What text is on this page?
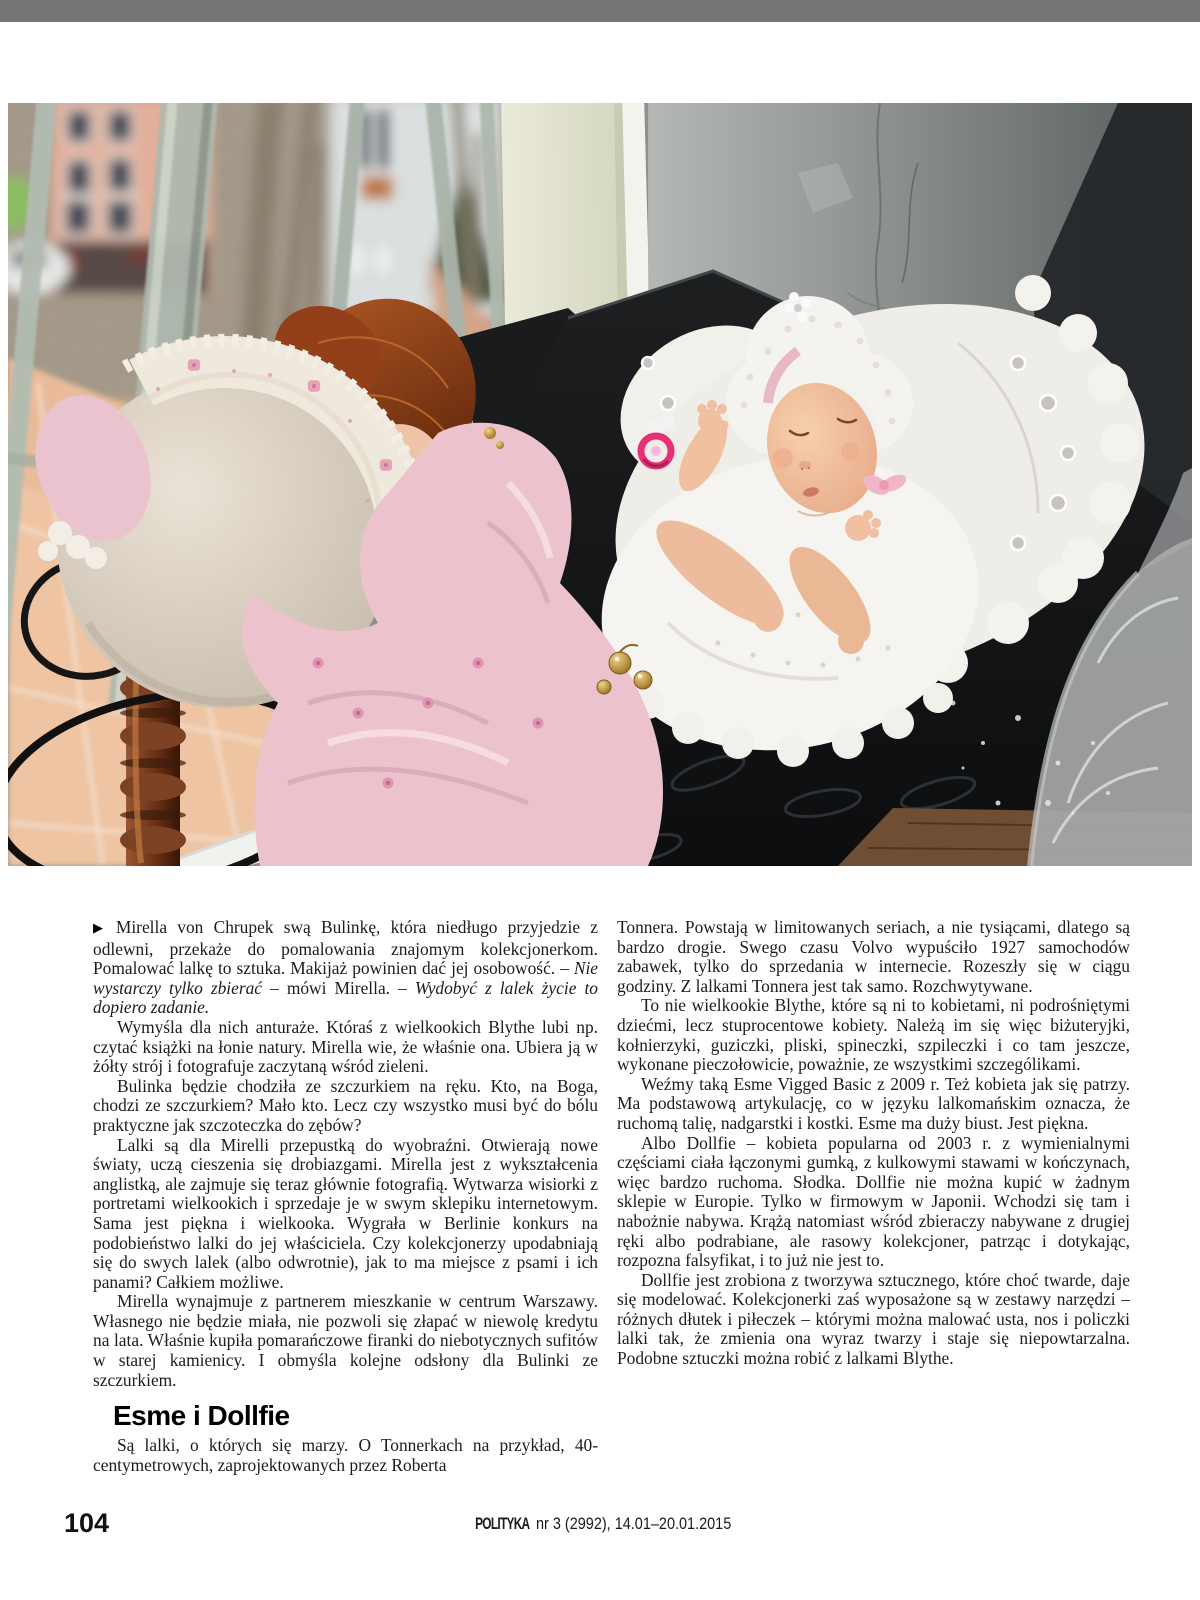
▶ Mirella von Chrupek swą Bulinkę, która niedługo przyjedzie z odlewni, przekaże do pomalowania znajomym kolekcjonerkom. Pomalować lalkę to sztuka. Makijaż powinien dać jej osobowość. – Nie wystarczy tylko zbierać – mówi Mirella. – Wydobyć z lalek życie to dopiero zadanie.

Wymyśla dla nich anturaże. Któraś z wielkookich Blythe lubi np. czytać książki na łonie natury. Mirella wie, że właśnie ona. Ubiera ją w żółty strój i fotografuje zaczytaną wśród zieleni.

Bulinka będzie chodziła ze szczurkiem na ręku. Kto, na Boga, chodzi ze szczurkiem? Mało kto. Lecz czy wszystko musi być do bólu praktyczne jak szczoteczka do zębów?

Lalki są dla Mirelli przepustką do wyobraźni. Otwierają nowe światy, uczą cieszenia się drobiazgami. Mirella jest z wykształcenia anglistką, ale zajmuje się teraz głównie fotografią. Wytwarza wisiorki z portretami wielkookich i sprzedaje je w swym sklepiku internetowym. Sama jest piękna i wielkooka. Wygrała w Berlinie konkurs na podobieństwo lalki do jej właściciela. Czy kolekcjonerzy upodabniają się do swych lalek (albo odwrotnie), jak to ma miejsce z psami i ich panami? Całkiem możliwe.

Mirella wynajmuje z partnerem mieszkanie w centrum Warszawy. Własnego nie będzie miała, nie pozwoli się złapać w niewolę kredytu na lata. Właśnie kupiła pomarańczowe firanki do niebotycznych sufitów w starej kamienicy. I obmyśla kolejne odsłony dla Bulinki ze szczurkiem.

Esme i Dollfie

Są lalki, o których się marzy. O Tonnerkach na przykład, 40-centymetrowych, zaprojektowanych przez Roberta

Tonnera. Powstają w limitowanych seriach, a nie tysiącami, dlatego są bardzo drogie. Swego czasu Volvo wypuściło 1927 samochodów zabawek, tylko do sprzedania w internecie. Rozeszły się w ciągu godziny. Z lalkami Tonnera jest tak samo. Rozchwytywane.

To nie wielkookie Blythe, które są ni to kobietami, ni podrośniętymi dziećmi, lecz stuprocentowe kobiety. Należą im się więc biżuteryjki, kołnierzyki, guziczki, pliski, spineczki, szpileczki i co tam jeszcze, wykonane pieczołowicie, poważnie, ze wszystkimi szczególikami.

Weźmy taką Esme Vigged Basic z 2009 r. Też kobieta jak się patrzy. Ma podstawową artykulację, co w języku lalkomańskim oznacza, że ruchomą talię, nadgarstki i kostki. Esme ma duży biust. Jest piękna.

Albo Dollfie – kobieta popularna od 2003 r. z wymienialnymi częściami ciała łączonymi gumką, z kulkowymi stawami w kończynach, więc bardzo ruchoma. Słodka. Dollfie nie można kupić w żadnym sklepie w Europie. Tylko w firmowym w Japonii. Wchodzi się tam i nabożnie nabywa. Krążą natomiast wśród zbieraczy nabywane z drugiej ręki albo podrabiane, ale rasowy kolekcjoner, patrząc i dotykając, rozpozna falsyfikat, i to już nie jest to.

Dollfie jest zrobiona z tworzywa sztucznego, które choć twarde, daje się modelować. Kolekcjonerki zaś wyposażone są w zestawy narzędzi – różnych dłutek i piłeczek – którymi można malować usta, nos i policzki lalki tak, że zmienia ona wyraz twarzy i staje się niepowtarzalna. Podobne sztuczki można robić z lalkami Blythe.

104	POLITYKA nr 3 (2992), 14.01–20.01.2015
